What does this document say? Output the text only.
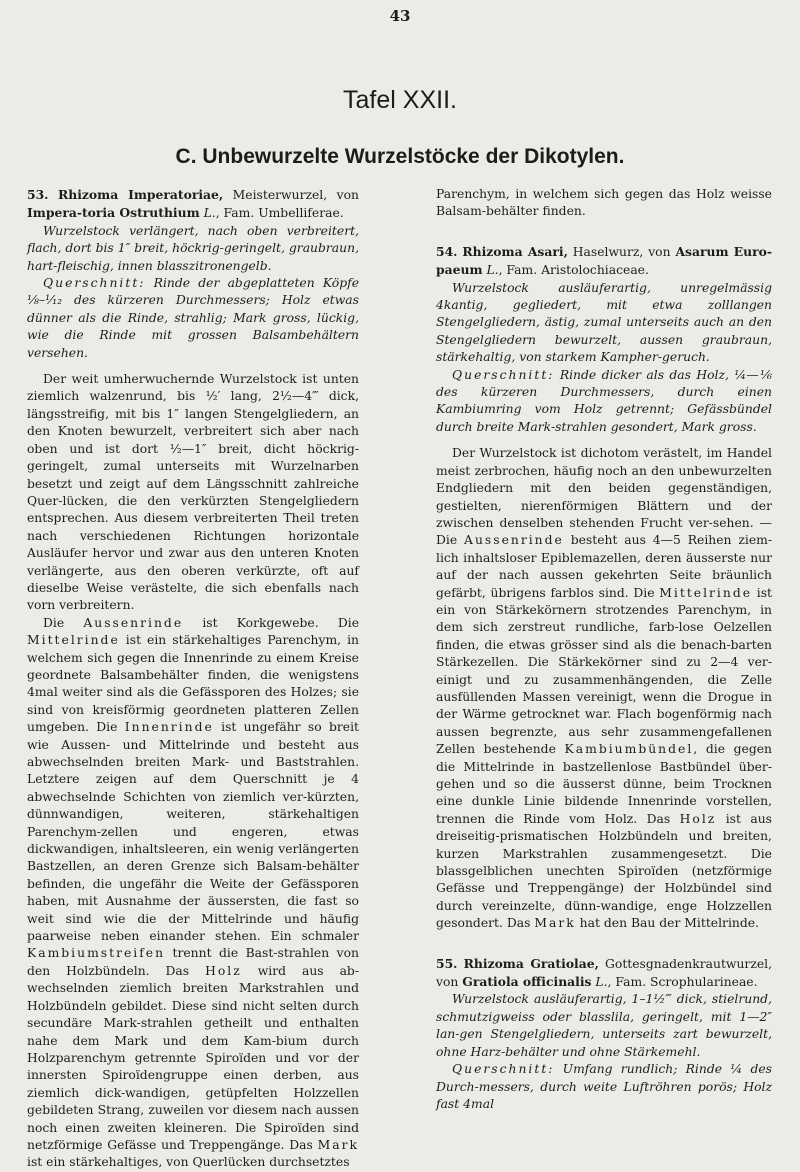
43
Tafel XXII.
C. Unbewurzelte Wurzelstöcke der Dikotylen.

53. Rhizoma Imperatoriae, Meisterwurzel, von Impera-toria Ostruthium L., Fam. Umbelliferae.

Wurzelstock verlängert, nach oben verbreitert, flach, dort bis 1″ breit, höckrig-geringelt, graubraun, hart-fleischig, innen blasszitronengelb.

Querschnitt: Rinde der abgeplatteten Köpfe ⅛–¹⁄₁₂ des kürzeren Durchmessers; Holz etwas dünner als die Rinde, strahlig; Mark gross, lückig, wie die Rinde mit grossen Balsambehältern versehen.

Der weit umherwuchernde Wurzelstock ist unten ziemlich walzenrund, bis ½′ lang, 2½—4‴ dick, längsstreifig, mit bis 1″ langen Stengelgliedern, an den Knoten bewurzelt, verbreitert sich aber nach oben und ist dort ½—1″ breit, dicht höckrig-geringelt, zumal unterseits mit Wurzelnarben besetzt und zeigt auf dem Längsschnitt zahlreiche Quer-lücken, die den verkürzten Stengelgliedern entsprechen. Aus diesem verbreiterten Theil treten nach verschiedenen Richtungen horizontale Ausläufer hervor und zwar aus den unteren Knoten verlängerte, aus den oberen verkürzte, oft auf dieselbe Weise verästelte, die sich ebenfalls nach vorn verbreitern.

Die Aussenrinde ist Korkgewebe. Die Mittelrinde ist ein stärkehaltiges Parenchym, in welchem sich gegen die Innenrinde zu einem Kreise geordnete Balsambehälter finden, die wenigstens 4mal weiter sind als die Gefässporen des Holzes; sie sind von kreisförmig geordneten platteren Zellen umgeben. Die Innenrinde ist ungefähr so breit wie Aussen- und Mittelrinde und besteht aus abwechselnden breiten Mark- und Baststrahlen. Letztere zeigen auf dem Querschnitt je 4 abwechselnde Schichten von ziemlich ver-kürzten, dünnwandigen, weiteren, stärkehaltigen Parenchym-zellen und engeren, etwas dickwandigen, inhaltsleeren, ein wenig verlängerten Bastzellen, an deren Grenze sich Balsam-behälter befinden, die ungefähr die Weite der Gefässporen haben, mit Ausnahme der äussersten, die fast so weit sind wie die der Mittelrinde und häufig paarweise neben einander stehen. Ein schmaler Kambiumstreifen trennt die Bast-strahlen von den Holzbündeln. Das Holz wird aus ab-wechselnden ziemlich breiten Markstrahlen und Holzbündeln gebildet. Diese sind nicht selten durch secundäre Mark-strahlen getheilt und enthalten nahe dem Mark und dem Kam-bium durch Holzparenchym getrennte Spiroïden und vor der innersten Spiroïdengruppe einen derben, aus ziemlich dick-wandigen, getüpfelten Holzzellen gebildeten Strang, zuweilen vor diesem nach aussen noch einen zweiten kleineren. Die Spiroïden sind netzförmige Gefässe und Treppengänge. Das Mark ist ein stärkehaltiges, von Querlücken durchsetztes

Parenchym, in welchem sich gegen das Holz weisse Balsam-behälter finden.

54. Rhizoma Asari, Haselwurz, von Asarum Euro-paeum L., Fam. Aristolochiaceae.

Wurzelstock ausläuferartig, unregelmässig 4kantig, gegliedert, mit etwa zolllangen Stengelgliedern, ästig, zumal unterseits auch an den Stengelgliedern bewurzelt, aussen graubraun, stärkehaltig, von starkem Kampher-geruch.

Querschnitt: Rinde dicker als das Holz, ¼—⅙ des kürzeren Durchmessers, durch einen Kambiumring vom Holz getrennt; Gefässbündel durch breite Mark-strahlen gesondert, Mark gross.

Der Wurzelstock ist dichotom verästelt, im Handel meist zerbrochen, häufig noch an den unbewurzelten Endgliedern mit den beiden gegenständigen, gestielten, nierenförmigen Blättern und der zwischen denselben stehenden Frucht ver-sehen. — Die Aussenrinde besteht aus 4—5 Reihen ziem-lich inhaltsloser Epiblemazellen, deren äusserste nur auf der nach aussen gekehrten Seite bräunlich gefärbt, übrigens farblos sind. Die Mittelrinde ist ein von Stärkekörnern strotzendes Parenchym, in dem sich zerstreut rundliche, farb-lose Oelzellen finden, die etwas grösser sind als die benach-barten Stärkezellen. Die Stärkekörner sind zu 2—4 ver-einigt und zu zusammenhängenden, die Zelle ausfüllenden Massen vereinigt, wenn die Drogue in der Wärme getrocknet war. Flach bogenförmig nach aussen begrenzte, aus sehr zusammengefallenen Zellen bestehende Kambiumbündel, die gegen die Mittelrinde in bastzellenlose Bastbündel über-gehen und so die äusserst dünne, beim Trocknen eine dunkle Linie bildende Innenrinde vorstellen, trennen die Rinde vom Holz. Das Holz ist aus dreiseitig-prismatischen Holzbündeln und breiten, kurzen Markstrahlen zusammengesetzt. Die blassgelblichen unechten Spiroïden (netzförmige Gefässe und Treppengänge) der Holzbündel sind durch vereinzelte, dünn-wandige, enge Holzzellen gesondert. Das Mark hat den Bau der Mittelrinde.

55. Rhizoma Gratiolae, Gottesgnadenkrautwurzel, von Gratiola officinalis L., Fam. Scrophularineae.

Wurzelstock ausläuferartig, 1–1½‴ dick, stielrund, schmutzigweiss oder blasslila, geringelt, mit 1—2″ lan-gen Stengelgliedern, unterseits zart bewurzelt, ohne Harz-behälter und ohne Stärkemehl.

Querschnitt: Umfang rundlich; Rinde ¼ des Durch-messers, durch weite Luftröhren porös; Holz fast 4mal
